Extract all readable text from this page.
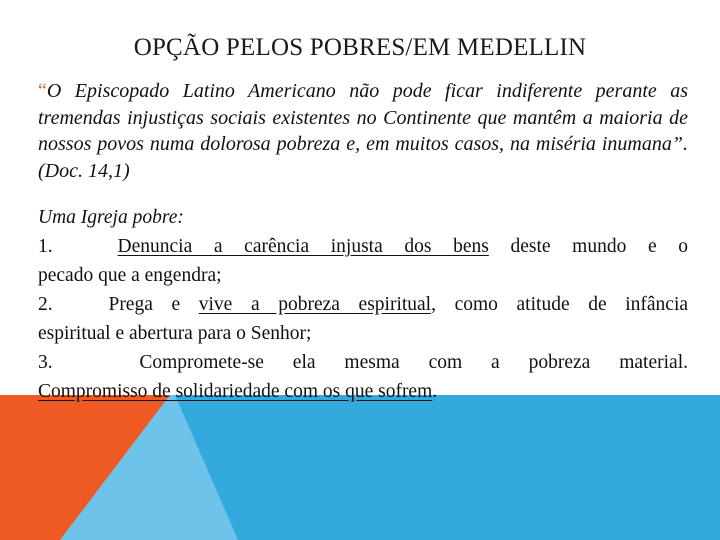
OPÇÃO PELOS POBRES/EM MEDELLIN
“O Episcopado Latino Americano não pode ficar indiferente perante as tremendas injustiças sociais existentes no Continente que mantêm a maioria de nossos povos numa dolorosa pobreza e, em muitos casos, na miséria inumana”. (Doc. 14,1)
Uma Igreja pobre:
1.	Denuncia a carência injusta dos bens deste mundo e o
pecado que a engendra;
2.	Prega e vive a pobreza espiritual, como atitude de infância
espiritual e abertura para o Senhor;
3.	Compromete-se ela mesma com a pobreza material.
Compromisso de solidariedade com os que sofrem.
